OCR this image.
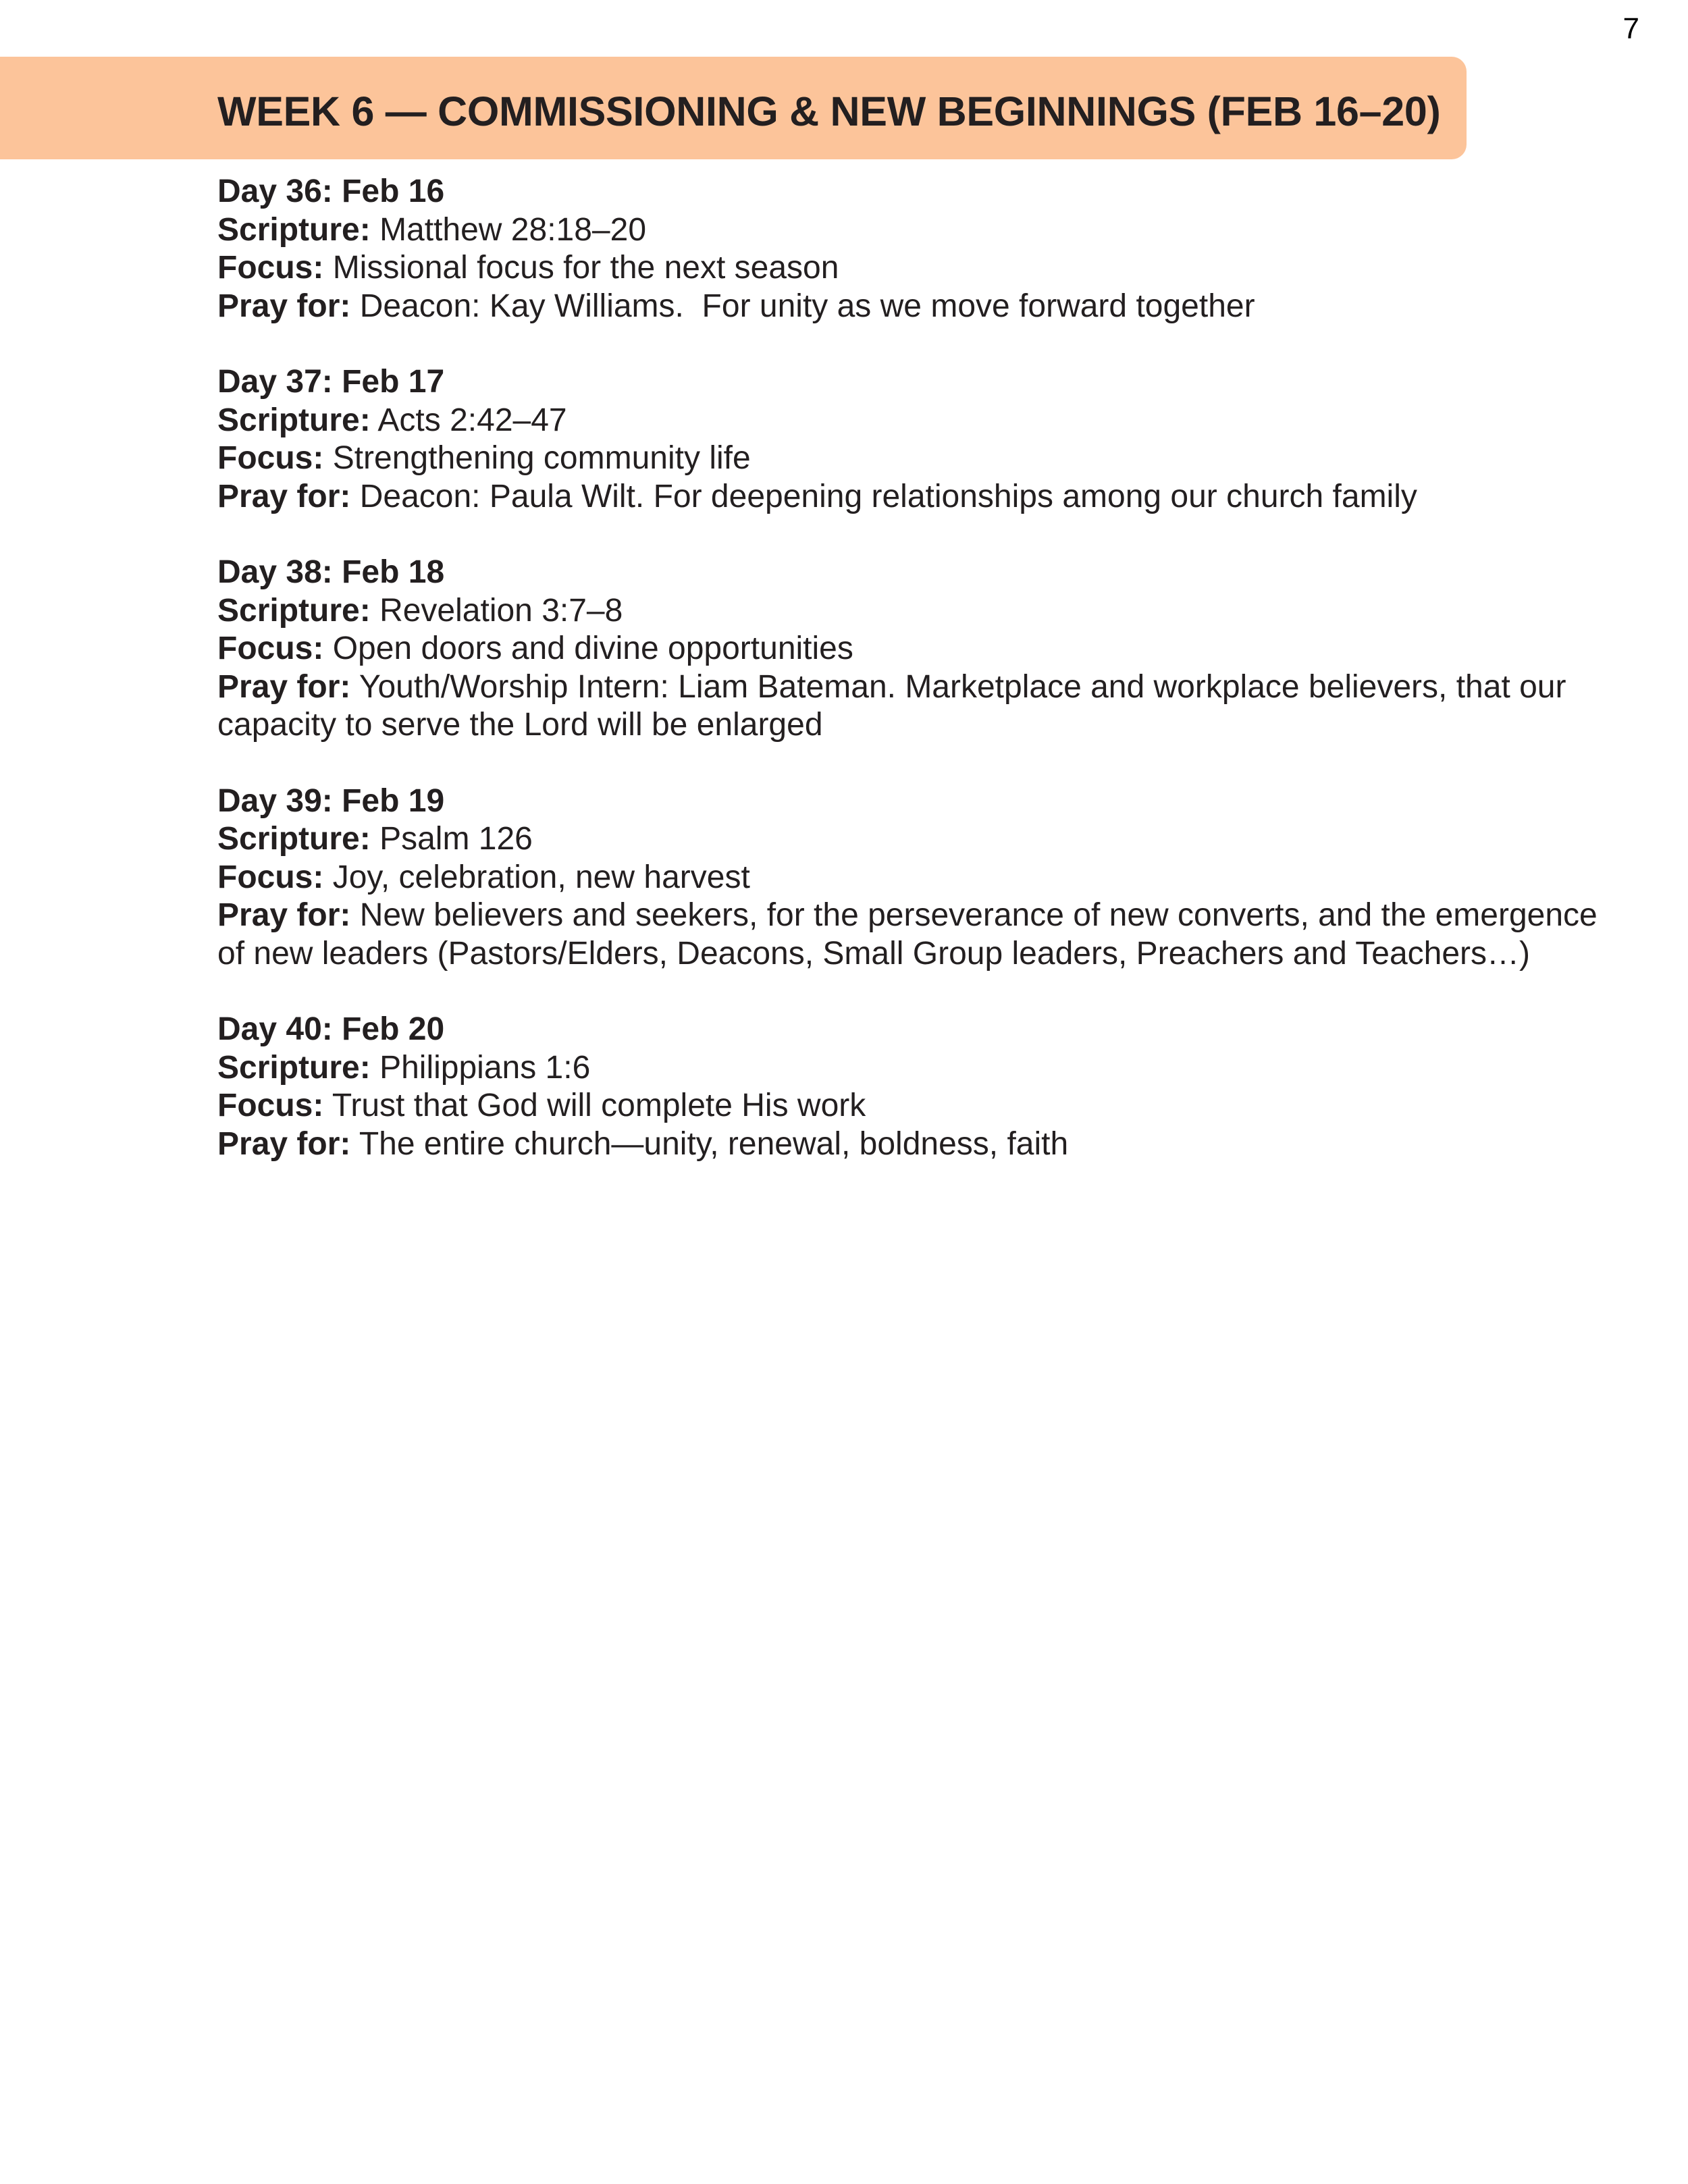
7
WEEK 6 — COMMISSIONING & NEW BEGINNINGS (FEB 16–20)

Day 36: Feb 16

Scripture: Matthew 28:18–20

Focus: Missional focus for the next season

Pray for: Deacon: Kay Williams.  For unity as we move forward together

Day 37: Feb 17

Scripture: Acts 2:42–47

Focus: Strengthening community life

Pray for: Deacon: Paula Wilt. For deepening relationships among our church family

Day 38: Feb 18

Scripture: Revelation 3:7–8

Focus: Open doors and divine opportunities

Pray for: Youth/Worship Intern: Liam Bateman. Marketplace and workplace believers, that our capacity to serve the Lord will be enlarged

Day 39: Feb 19

Scripture: Psalm 126

Focus: Joy, celebration, new harvest

Pray for: New believers and seekers, for the perseverance of new converts, and the emergence of new leaders (Pastors/Elders, Deacons, Small Group leaders, Preachers and Teachers…)

Day 40: Feb 20

Scripture: Philippians 1:6

Focus: Trust that God will complete His work

Pray for: The entire church—unity, renewal, boldness, faith
